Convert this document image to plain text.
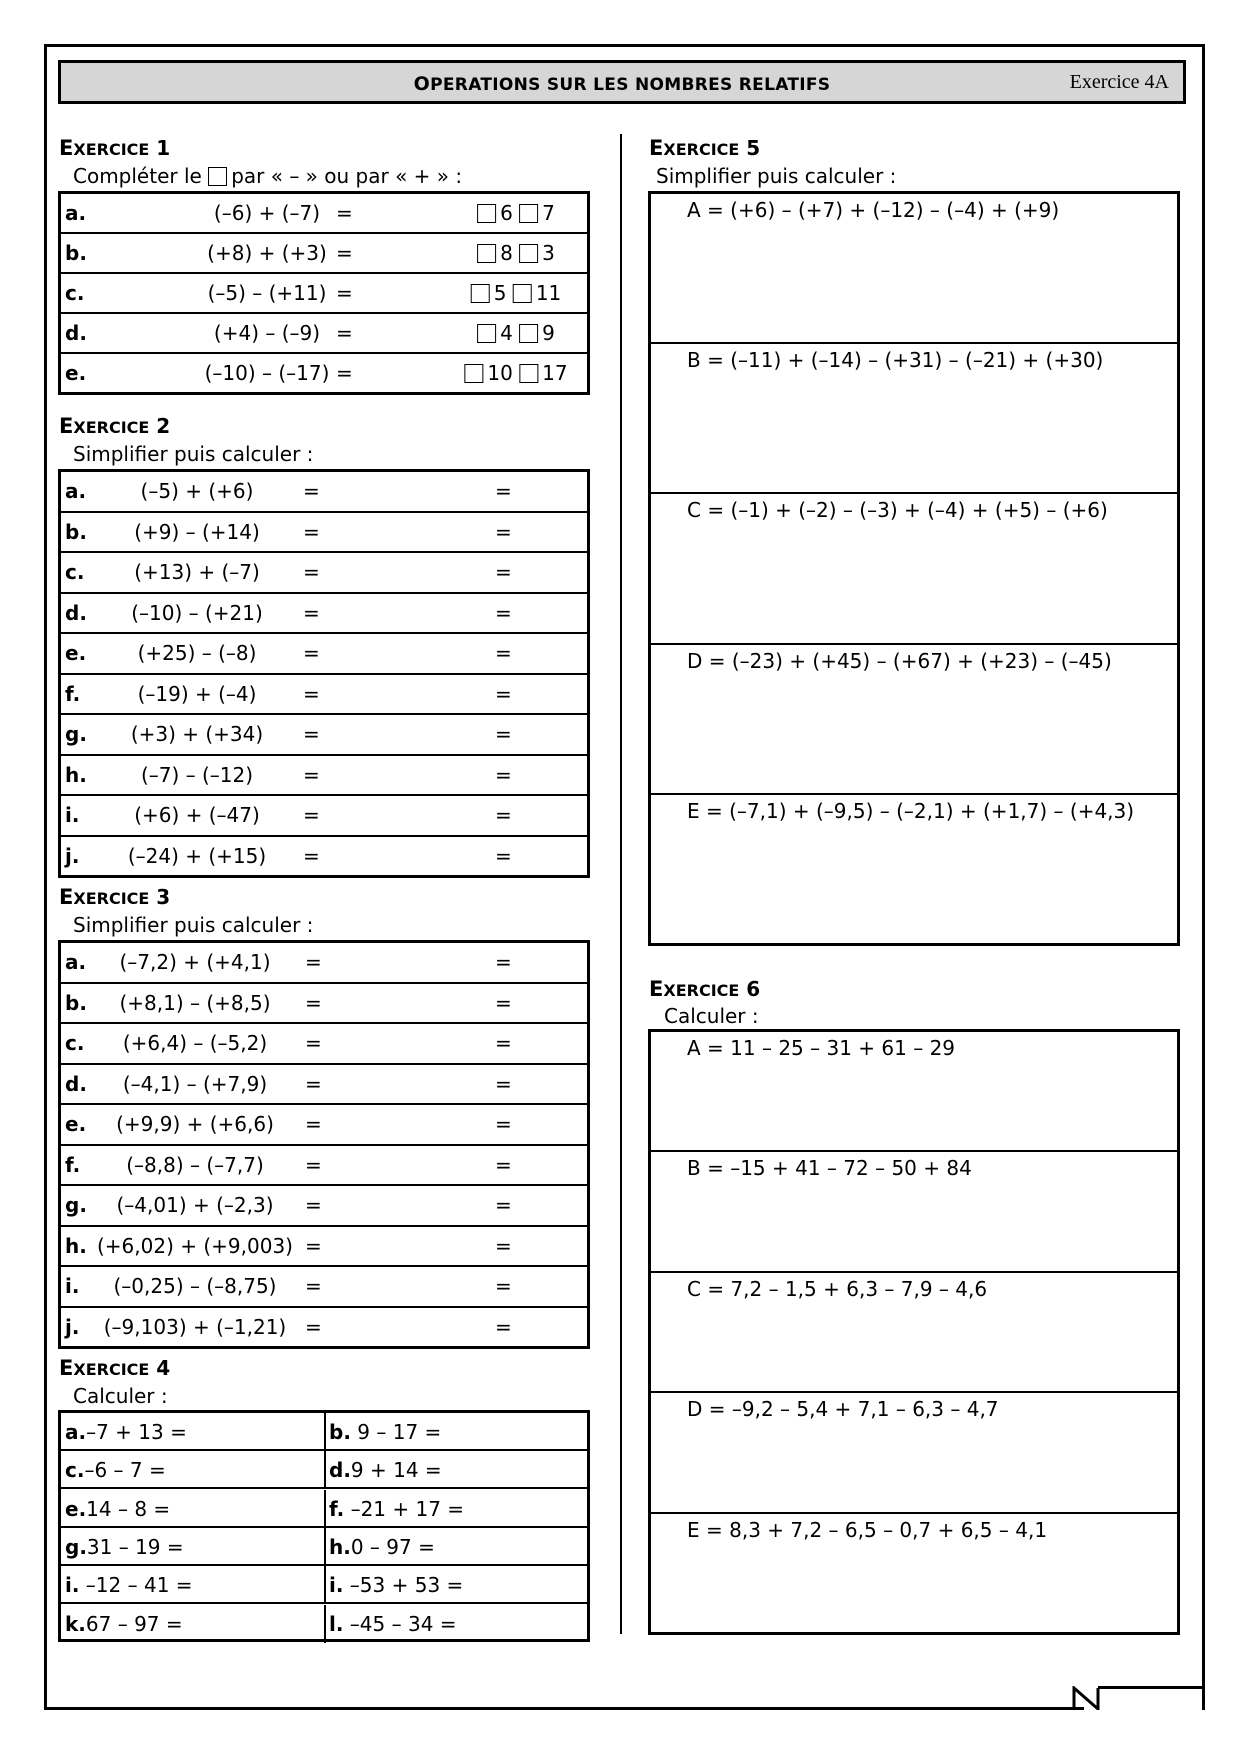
OPERATIONS SUR LES NOMBRES RELATIFS	Exercice 4A
EXERCICE 1
Compléter le par « – » ou par « + » :
a.	(–6) + (–7) =	6 7

b.	(+8) + (+3) =	8 3

c.	(–5) – (+11) =	5 11

d.	(+4) – (–9) =	4 9

e.	(–10) – (–17) =	10 17
EXERCICE 2
Simplifier puis calculer :
a.	(–5) + (+6) =	=

b. (+9) – (+14) =	=

c. (+13) + (–7) =	=

d. (–10) – (+21) =	=

e.	(+25) – (–8) =	=

f.	(–19) + (–4) =	=

g. (+3) + (+34) =	=

h.	(–7) – (–12) =	=

i.	(+6) + (–47) =	=

j. (–24) + (+15) =	=
EXERCICE 3
Simplifier puis calculer :
a. (–7,2) + (+4,1) =	=

b. (+8,1) – (+8,5) =	=

c. (+6,4) – (–5,2) =	=

d. (–4,1) – (+7,9) =	=

e. (+9,9) + (+6,6) =	=

f. (–8,8) – (–7,7) =	=

g. (–4,01) + (–2,3) =	=

h. (+6,02) + (+9,003) =	=

i. (–0,25) – (–8,75) =	=

j. (–9,103) + (–1,21) =	=
EXERCICE 4
Calculer :
a.–7 + 13 =	b. 9 – 17 =
c.–6 – 7 =	d.9 + 14 =
e.14 – 8 =	f. –21 + 17 =
g.31 – 19 =	h.0 – 97 =
i. –12 – 41 =	i. –53 + 53 =
k.67 – 97 =	l. –45 – 34 =
EXERCICE 5
Simplifier puis calculer :
A = (+6) – (+7) + (–12) – (–4) + (+9)
B = (–11) + (–14) – (+31) – (–21) + (+30)
C = (–1) + (–2) – (–3) + (–4) + (+5) – (+6)
D = (–23) + (+45) – (+67) + (+23) – (–45)
E = (–7,1) + (–9,5) – (–2,1) + (+1,7) – (+4,3)
EXERCICE 6
Calculer :
A = 11 – 25 – 31 + 61 – 29
B = –15 + 41 – 72 – 50 + 84
C = 7,2 – 1,5 + 6,3 – 7,9 – 4,6
D = –9,2 – 5,4 + 7,1 – 6,3 – 4,7
E = 8,3 + 7,2 – 6,5 – 0,7 + 6,5 – 4,1
